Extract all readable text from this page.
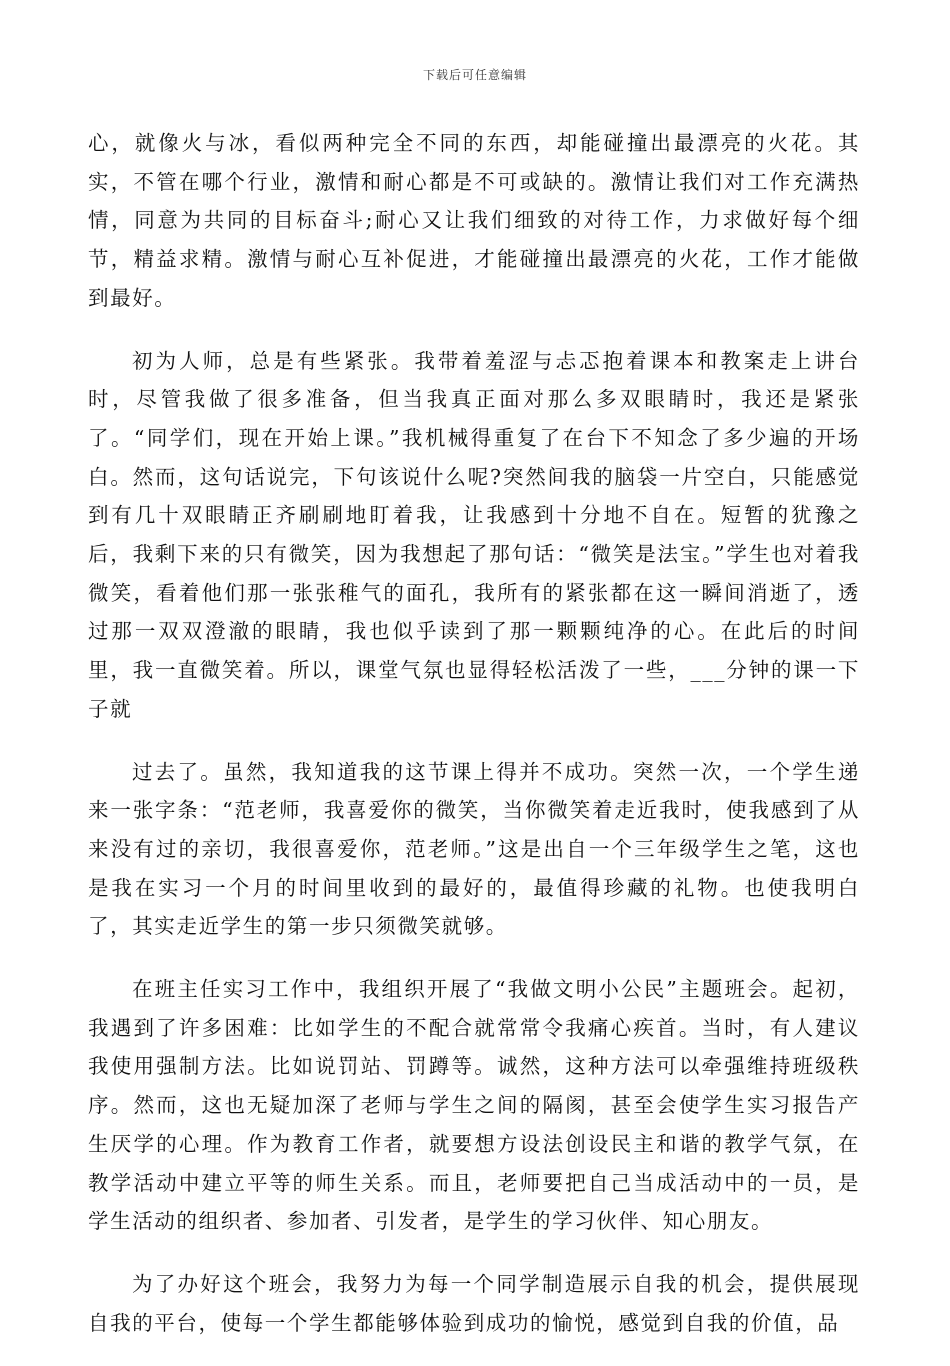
下载后可任意编辑

心，就像火与冰，看似两种完全不同的东西，却能碰撞出最漂亮的火花。其实，不管在哪个行业，激情和耐心都是不可或缺的。激情让我们对工作充满热情，同意为共同的目标奋斗;耐心又让我们细致的对待工作，力求做好每个细节，精益求精。激情与耐心互补促进，才能碰撞出最漂亮的火花，工作才能做到最好。

初为人师，总是有些紧张。我带着羞涩与忐忑抱着课本和教案走上讲台时，尽管我做了很多准备，但当我真正面对那么多双眼睛时，我还是紧张了。“同学们，现在开始上课。”我机械得重复了在台下不知念了多少遍的开场白。然而，这句话说完，下句该说什么呢?突然间我的脑袋一片空白，只能感觉到有几十双眼睛正齐刷刷地盯着我，让我感到十分地不自在。短暂的犹豫之后，我剩下来的只有微笑，因为我想起了那句话：“微笑是法宝。”学生也对着我微笑，看着他们那一张张稚气的面孔，我所有的紧张都在这一瞬间消逝了，透过那一双双澄澈的眼睛，我也似乎读到了那一颗颗纯净的心。在此后的时间里，我一直微笑着。所以，课堂气氛也显得轻松活泼了一些，___分钟的课一下子就

过去了。虽然，我知道我的这节课上得并不成功。突然一次，一个学生递来一张字条：“范老师，我喜爱你的微笑，当你微笑着走近我时，使我感到了从来没有过的亲切，我很喜爱你，范老师。”这是出自一个三年级学生之笔，这也是我在实习一个月的时间里收到的最好的，最值得珍藏的礼物。也使我明白了，其实走近学生的第一步只须微笑就够。

在班主任实习工作中，我组织开展了“我做文明小公民”主题班会。起初，我遇到了许多困难：比如学生的不配合就常常令我痛心疾首。当时，有人建议我使用强制方法。比如说罚站、罚蹲等。诚然，这种方法可以牵强维持班级秩序。然而，这也无疑加深了老师与学生之间的隔阂，甚至会使学生实习报告产生厌学的心理。作为教育工作者，就要想方设法创设民主和谐的教学气氛，在教学活动中建立平等的师生关系。而且，老师要把自己当成活动中的一员，是学生活动的组织者、参加者、引发者，是学生的学习伙伴、知心朋友。

为了办好这个班会，我努力为每一个同学制造展示自我的机会，提供展现自我的平台，使每一个学生都能够体验到成功的愉悦，感觉到自我的价值，品
